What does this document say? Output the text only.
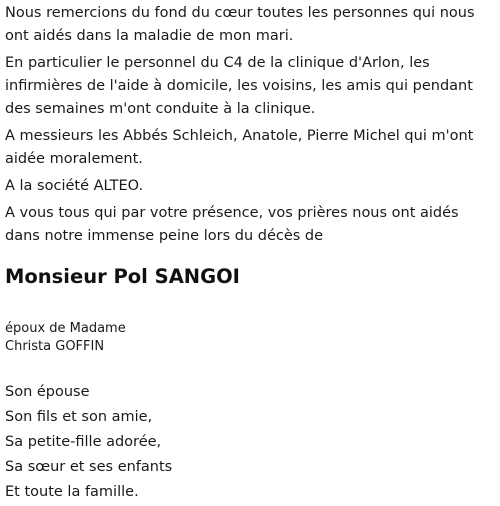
Nous remercions du fond du cœur toutes les personnes qui nous ont aidés dans la maladie de mon mari.

En particulier le personnel du C4 de la clinique d'Arlon, les infirmières de l'aide à domicile, les voisins, les amis qui pendant des semaines m'ont conduite à la clinique.

A messieurs les Abbés Schleich, Anatole, Pierre Michel qui m'ont aidée moralement.

A la société ALTEO.

A vous tous qui par votre présence, vos prières nous ont aidés dans notre immense peine lors du décès de

Monsieur Pol SANGOI
époux de Madame
Christa GOFFIN
Son épouse
Son fils et son amie,
Sa petite-fille adorée,
Sa sœur et ses enfants
Et toute la famille.
